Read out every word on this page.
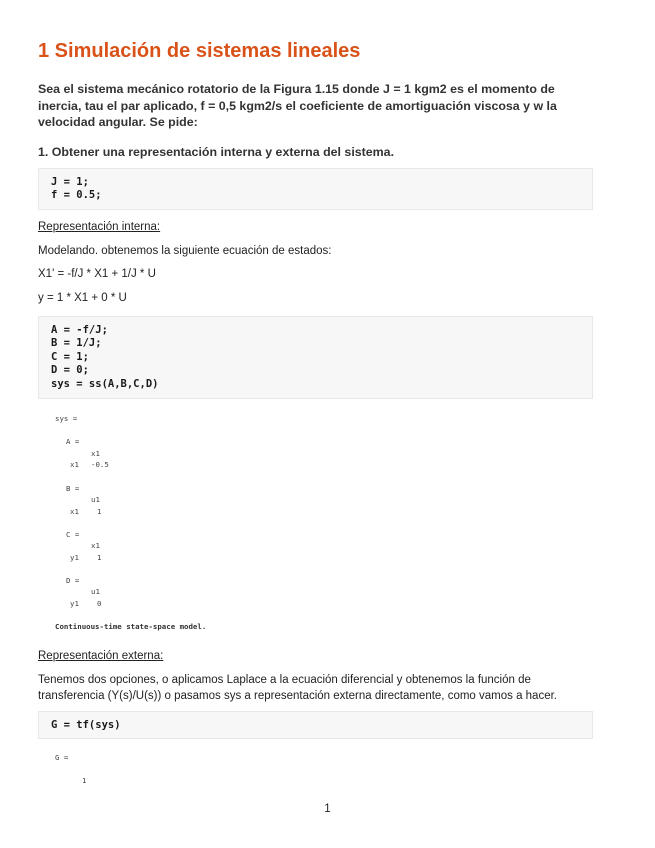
1 Simulación de sistemas lineales

Sea el sistema mecánico rotatorio de la Figura 1.15 donde J = 1 kgm2 es el momento de inercia, tau el par aplicado, f = 0,5 kgm2/s el coeficiente de amortiguación viscosa y w la velocidad angular. Se pide:

1. Obtener una representación interna y externa del sistema.

J = 1;
f = 0.5;

Representación interna:

Modelando. obtenemos la siguiente ecuación de estados:

X1' = -f/J * X1 + 1/J * U

y = 1 * X1 + 0 * U

A = -f/J;
B = 1/J;
C = 1;
D = 0;
sys = ss(A,B,C,D)
sys =
A =
x1
x1 -0.5
B =
u1
x1 1
C =
x1
y1 1
D =
u1
y1 0
Continuous-time state-space model.

Representación externa:

Tenemos dos opciones, o aplicamos Laplace a la ecuación diferencial y obtenemos la función de transferencia (Y(s)/U(s)) o pasamos sys a representación externa directamente, como vamos a hacer.

G = tf(sys)
G =
1
1
